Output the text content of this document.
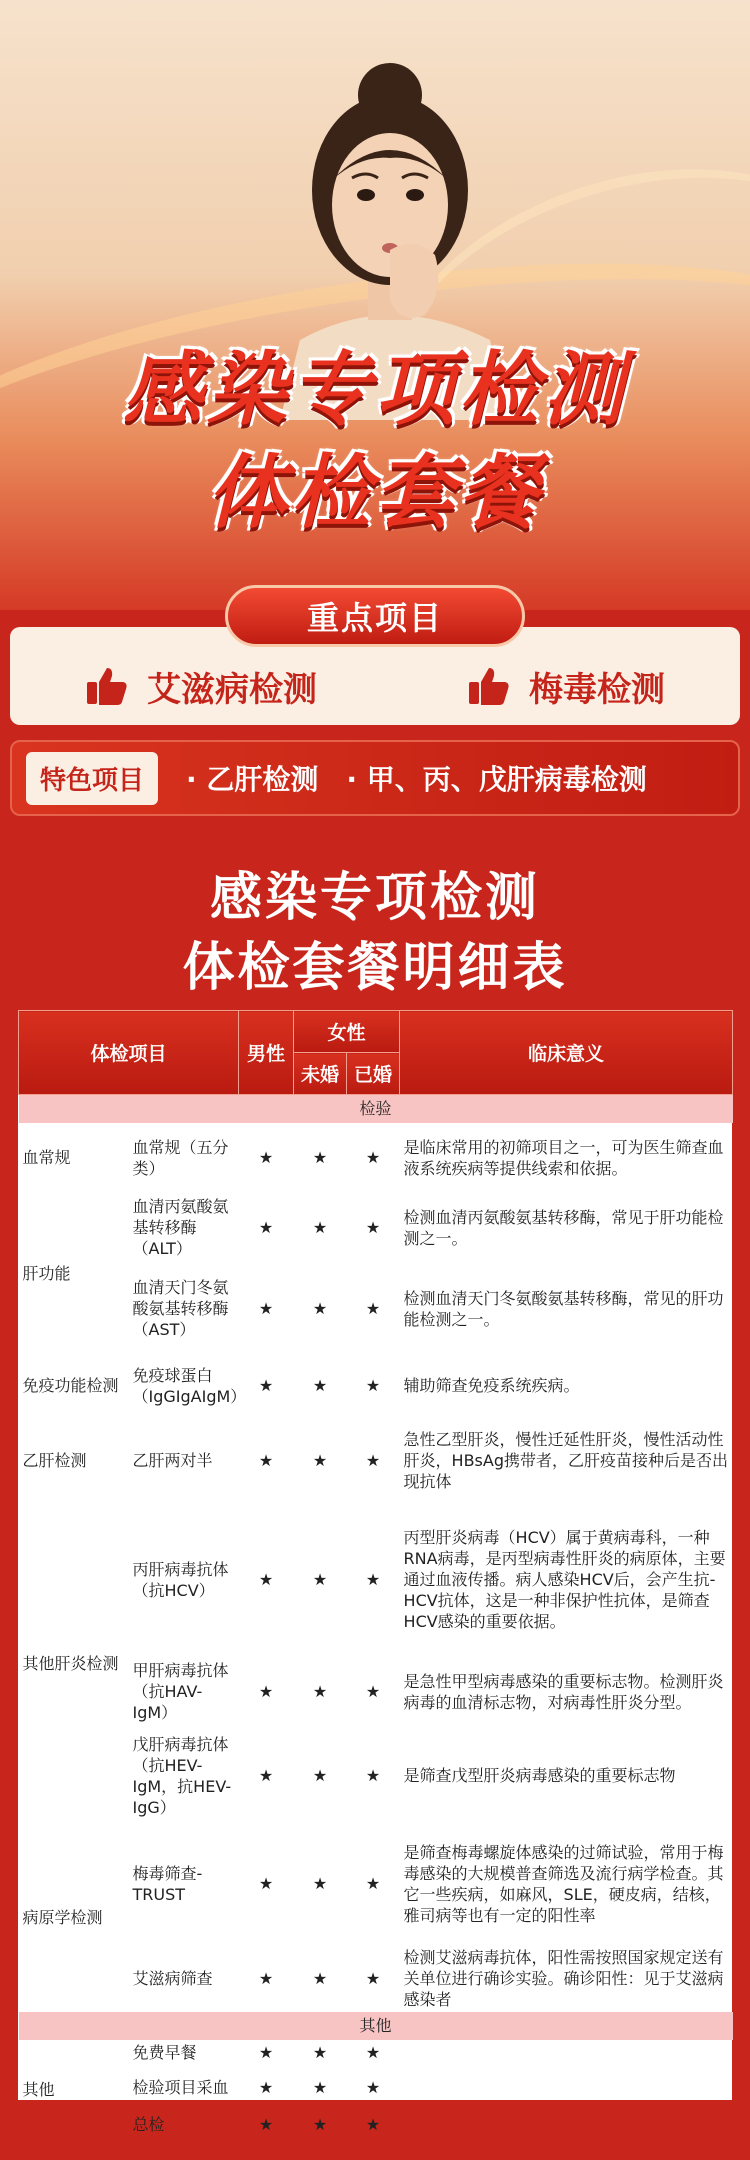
感染专项检测
体检套餐
艾滋病检测	梅毒检测
重点项目
特色项目	· 乙肝检测 · 甲、丙、戊肝病毒检测
感染专项检测
体检套餐明细表
体检项目		男性	女性		临床意义
			未婚	已婚	
检验					
血常规	血常规（五分类）	★	★	★	是临床常用的初筛项目之一，可为医生筛查血液系统疾病等提供线索和依据。
肝功能	血清丙氨酸氨基转移酶（ALT）	★	★	★	检测血清丙氨酸氨基转移酶，常见于肝功能检测之一。
	血清天门冬氨酸氨基转移酶（AST）	★	★	★	检测血清天门冬氨酸氨基转移酶，常见的肝功能检测之一。
免疫功能检测	免疫球蛋白（IgGIgAIgM）	★	★	★	辅助筛查免疫系统疾病。
乙肝检测	乙肝两对半	★	★	★	急性乙型肝炎，慢性迁延性肝炎，慢性活动性肝炎，HBsAg携带者，乙肝疫苗接种后是否出现抗体
其他肝炎检测	丙肝病毒抗体（抗HCV）	★	★	★	丙型肝炎病毒（HCV）属于黄病毒科，一种RNA病毒，是丙型病毒性肝炎的病原体，主要通过血液传播。病人感染HCV后，会产生抗-HCV抗体，这是一种非保护性抗体，是筛查HCV感染的重要依据。
	甲肝病毒抗体（抗HAV-IgM）	★	★	★	是急性甲型病毒感染的重要标志物。检测肝炎病毒的血清标志物，对病毒性肝炎分型。
	戊肝病毒抗体（抗HEV-IgM，抗HEV-IgG）	★	★	★	是筛查戊型肝炎病毒感染的重要标志物
病原学检测	梅毒筛查-TRUST	★	★	★	是筛查梅毒螺旋体感染的过筛试验，常用于梅毒感染的大规模普查筛选及流行病学检查。其它一些疾病，如麻风，SLE，硬皮病，结核，雅司病等也有一定的阳性率
	艾滋病筛查	★	★	★	检测艾滋病毒抗体，阳性需按照国家规定送有关单位进行确诊实验。确诊阳性：见于艾滋病感染者
其他					
其他	免费早餐	★	★	★	
	检验项目采血	★	★	★	
	总检	★	★	★	
